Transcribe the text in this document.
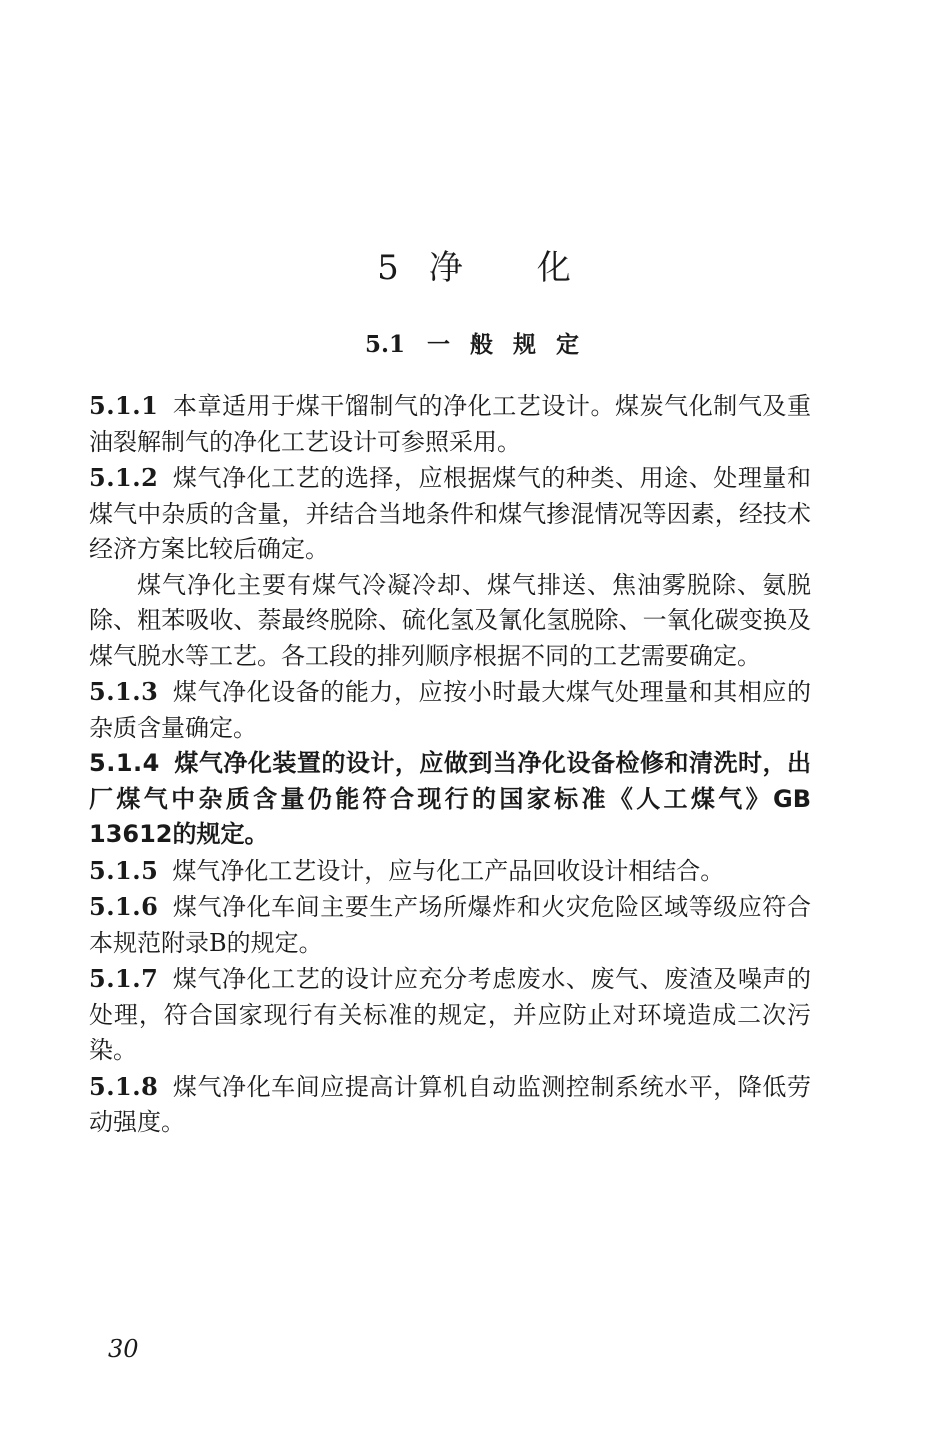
5 净 化
5.1 一 般 规 定

5.1.1 本章适用于煤干馏制气的净化工艺设计。煤炭气化制气及重油裂解制气的净化工艺设计可参照采用。

5.1.2 煤气净化工艺的选择，应根据煤气的种类、用途、处理量和煤气中杂质的含量，并结合当地条件和煤气掺混情况等因素，经技术经济方案比较后确定。

煤气净化主要有煤气冷凝冷却、煤气排送、焦油雾脱除、氨脱除、粗苯吸收、萘最终脱除、硫化氢及氰化氢脱除、一氧化碳变换及煤气脱水等工艺。各工段的排列顺序根据不同的工艺需要确定。

5.1.3 煤气净化设备的能力，应按小时最大煤气处理量和其相应的杂质含量确定。

5.1.4 煤气净化装置的设计，应做到当净化设备检修和清洗时，出厂煤气中杂质含量仍能符合现行的国家标准《人工煤气》GB 13612的规定。

5.1.5 煤气净化工艺设计，应与化工产品回收设计相结合。

5.1.6 煤气净化车间主要生产场所爆炸和火灾危险区域等级应符合本规范附录B的规定。

5.1.7 煤气净化工艺的设计应充分考虑废水、废气、废渣及噪声的处理，符合国家现行有关标准的规定，并应防止对环境造成二次污染。

5.1.8 煤气净化车间应提高计算机自动监测控制系统水平，降低劳动强度。

30
